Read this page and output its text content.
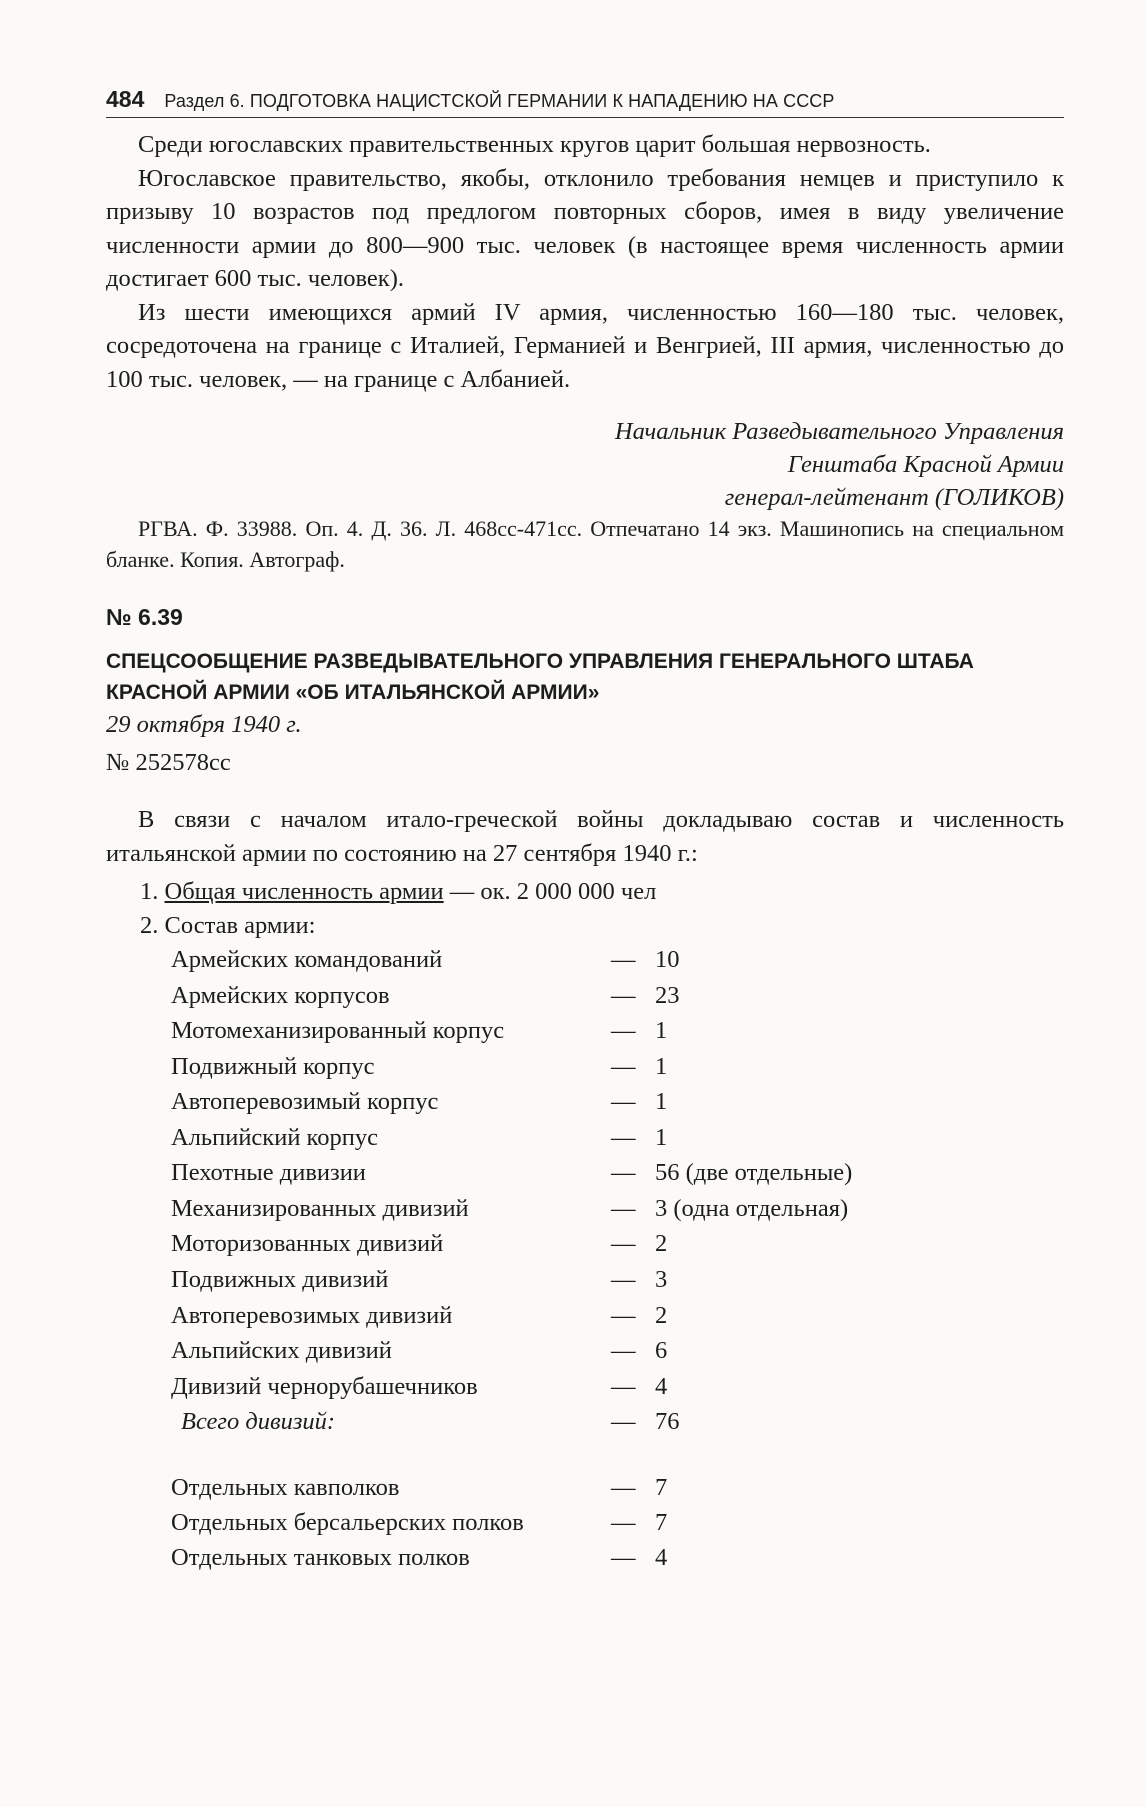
484 Раздел 6. ПОДГОТОВКА НАЦИСТСКОЙ ГЕРМАНИИ К НАПАДЕНИЮ НА СССР

Среди югославских правительственных кругов царит большая нервозность.

Югославское правительство, якобы, отклонило требования немцев и приступило к призыву 10 возрастов под предлогом повторных сборов, имея в виду увеличение численности армии до 800—900 тыс. человек (в настоящее время численность армии достигает 600 тыс. человек).

Из шести имеющихся армий IV армия, численностью 160—180 тыс. человек, сосредоточена на границе с Италией, Германией и Венгрией, III армия, численностью до 100 тыс. человек, — на границе с Албанией.

Начальник Разведывательного Управления
Генштаба Красной Армии
генерал-лейтенант (ГОЛИКОВ)
РГВА. Ф. 33988. Оп. 4. Д. 36. Л. 468сс-471сс. Отпечатано 14 экз. Машинопись на специальном бланке. Копия. Автограф.
№ 6.39
СПЕЦСООБЩЕНИЕ РАЗВЕДЫВАТЕЛЬНОГО УПРАВЛЕНИЯ ГЕНЕРАЛЬНОГО ШТАБА КРАСНОЙ АРМИИ «ОБ ИТАЛЬЯНСКОЙ АРМИИ»
29 октября 1940 г.
№ 252578сс
В связи с началом итало-греческой войны докладываю состав и численность итальянской армии по состоянию на 27 сентября 1940 г.:
1. Общая численность армии — ок. 2 000 000 чел
2. Состав армии:
Армейских командований	— 10
Армейских корпусов	— 23
Мотомеханизированный корпус	— 1
Подвижный корпус	— 1
Автоперевозимый корпус	— 1
Альпийский корпус	— 1
Пехотные дивизии	— 56 (две отдельные)
Механизированных дивизий	— 3 (одна отдельная)
Моторизованных дивизий	— 2
Подвижных дивизий	— 3
Автоперевозимых дивизий	— 2
Альпийских дивизий	— 6
Дивизий чернорубашечников	— 4
Всего дивизий:	— 76
Отдельных кавполков	— 7
Отдельных берсальерских полков	— 7
Отдельных танковых полков	— 4
